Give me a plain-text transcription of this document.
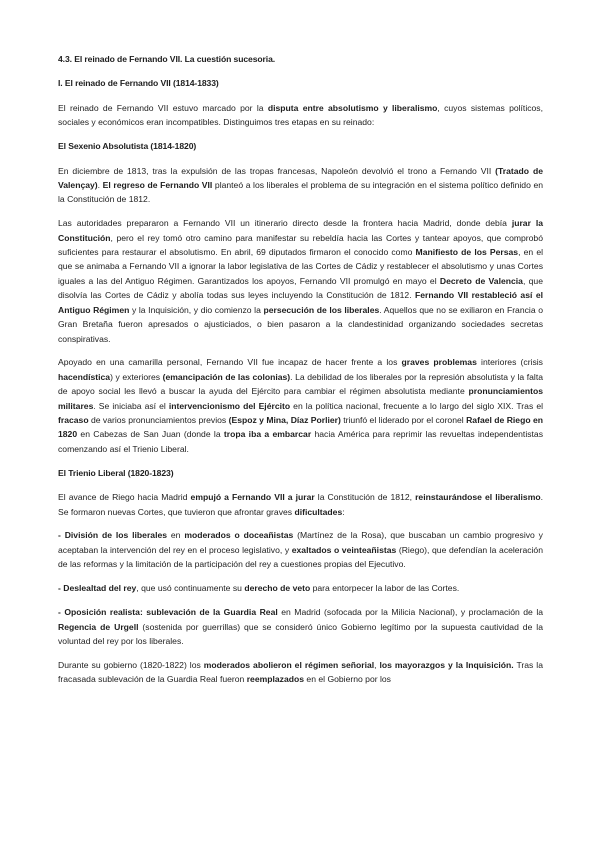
4.3. El reinado de Fernando VII. La cuestión sucesoria.

I. El reinado de Fernando VII (1814-1833)

El reinado de Fernando VII estuvo marcado por la disputa entre absolutismo y liberalismo, cuyos sistemas políticos, sociales y económicos eran incompatibles. Distinguimos tres etapas en su reinado:

El Sexenio Absolutista (1814-1820)

En diciembre de 1813, tras la expulsión de las tropas francesas, Napoleón devolvió el trono a Fernando VII (Tratado de Valençay). El regreso de Fernando VII planteó a los liberales el problema de su integración en el sistema político definido en la Constitución de 1812.

Las autoridades prepararon a Fernando VII un itinerario directo desde la frontera hacia Madrid, donde debía jurar la Constitución, pero el rey tomó otro camino para manifestar su rebeldía hacia las Cortes y tantear apoyos, que comprobó suficientes para restaurar el absolutismo. En abril, 69 diputados firmaron el conocido como Manifiesto de los Persas, en el que se animaba a Fernando VII a ignorar la labor legislativa de las Cortes de Cádiz y restablecer el absolutismo y unas Cortes iguales a las del Antiguo Régimen. Garantizados los apoyos, Fernando VII promulgó en mayo el Decreto de Valencia, que disolvía las Cortes de Cádiz y abolía todas sus leyes incluyendo la Constitución de 1812. Fernando VII restableció así el Antiguo Régimen y la Inquisición, y dio comienzo la persecución de los liberales. Aquellos que no se exiliaron en Francia o Gran Bretaña fueron apresados o ajusticiados, o bien pasaron a la clandestinidad organizando sociedades secretas conspirativas.

Apoyado en una camarilla personal, Fernando VII fue incapaz de hacer frente a los graves problemas interiores (crisis hacendística) y exteriores (emancipación de las colonias). La debilidad de los liberales por la represión absolutista y la falta de apoyo social les llevó a buscar la ayuda del Ejército para cambiar el régimen absolutista mediante pronunciamientos militares. Se iniciaba así el intervencionismo del Ejército en la política nacional, frecuente a lo largo del siglo XIX. Tras el fracaso de varios pronunciamientos previos (Espoz y Mina, Díaz Porlier) triunfó el liderado por el coronel Rafael de Riego en 1820 en Cabezas de San Juan (donde la tropa iba a embarcar hacia América para reprimir las revueltas independentistas comenzando así el Trienio Liberal.

El Trienio Liberal (1820-1823)

El avance de Riego hacia Madrid empujó a Fernando VII a jurar la Constitución de 1812, reinstaurándose el liberalismo. Se formaron nuevas Cortes, que tuvieron que afrontar graves dificultades:

- División de los liberales en moderados o doceañistas (Martínez de la Rosa), que buscaban un cambio progresivo y aceptaban la intervención del rey en el proceso legislativo, y exaltados o veinteañistas (Riego), que defendían la aceleración de las reformas y la limitación de la participación del rey a cuestiones propias del Ejecutivo.

- Deslealtad del rey, que usó continuamente su derecho de veto para entorpecer la labor de las Cortes.

- Oposición realista: sublevación de la Guardia Real en Madrid (sofocada por la Milicia Nacional), y proclamación de la Regencia de Urgell (sostenida por guerrillas) que se consideró único Gobierno legítimo por la supuesta cautividad de la voluntad del rey por los liberales.

Durante su gobierno (1820-1822) los moderados abolieron el régimen señorial, los mayorazgos y la Inquisición. Tras la fracasada sublevación de la Guardia Real fueron reemplazados en el Gobierno por los
